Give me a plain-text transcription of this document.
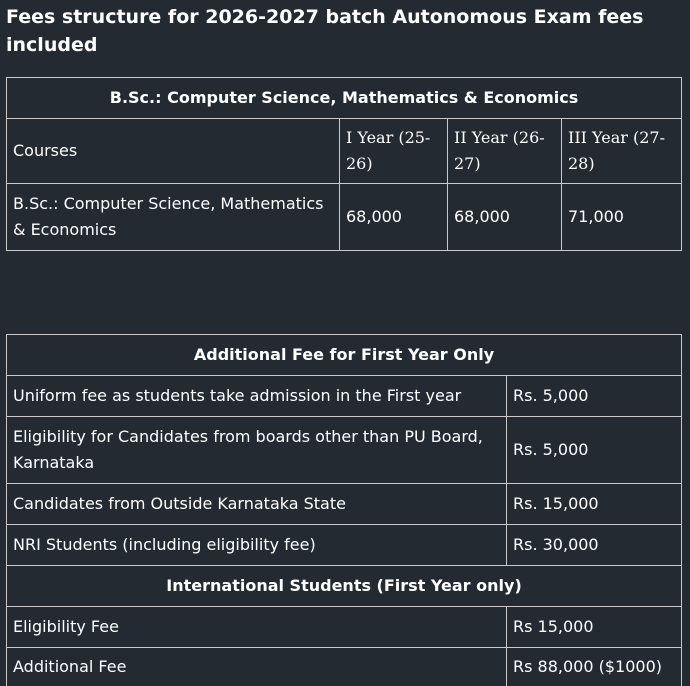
Fees structure for 2026-2027 batch Autonomous Exam fees included
B.Sc.: Computer Science, Mathematics & Economics			
Courses	I Year (25-26)	II Year (26-27)	III Year (27-28)
B.Sc.: Computer Science, Mathematics & Economics	68,000	68,000	71,000
Additional Fee for First Year Only	
Uniform fee as students take admission in the First year	Rs. 5,000
Eligibility for Candidates from boards other than PU Board, Karnataka	Rs. 5,000
Candidates from Outside Karnataka State	Rs. 15,000
NRI Students (including eligibility fee)	Rs. 30,000
International Students (First Year only)	
Eligibility Fee	Rs 15,000
Additional Fee	Rs 88,000 ($1000)
